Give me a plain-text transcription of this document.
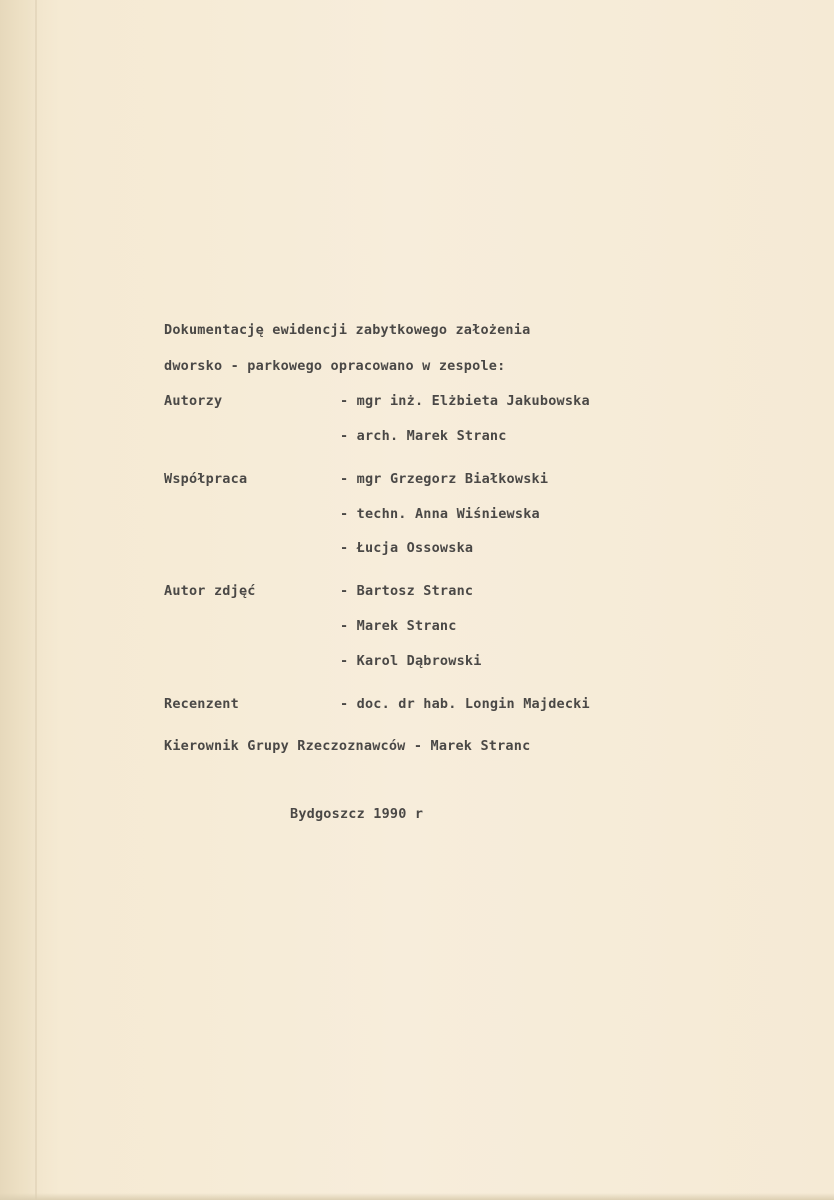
Dokumentację ewidencji zabytkowego założenia
dworsko - parkowego opracowano w zespole:
Autorzy	- mgr inż. Elżbieta Jakubowska
- arch. Marek Stranc
Współpraca	- mgr Grzegorz Białkowski
- techn. Anna Wiśniewska
- Łucja Ossowska
Autor zdjęć	- Bartosz Stranc
- Marek Stranc
- Karol Dąbrowski
Recenzent	- doc. dr hab. Longin Majdecki
Kierownik Grupy Rzeczoznawców - Marek Stranc
Bydgoszcz 1990 r
